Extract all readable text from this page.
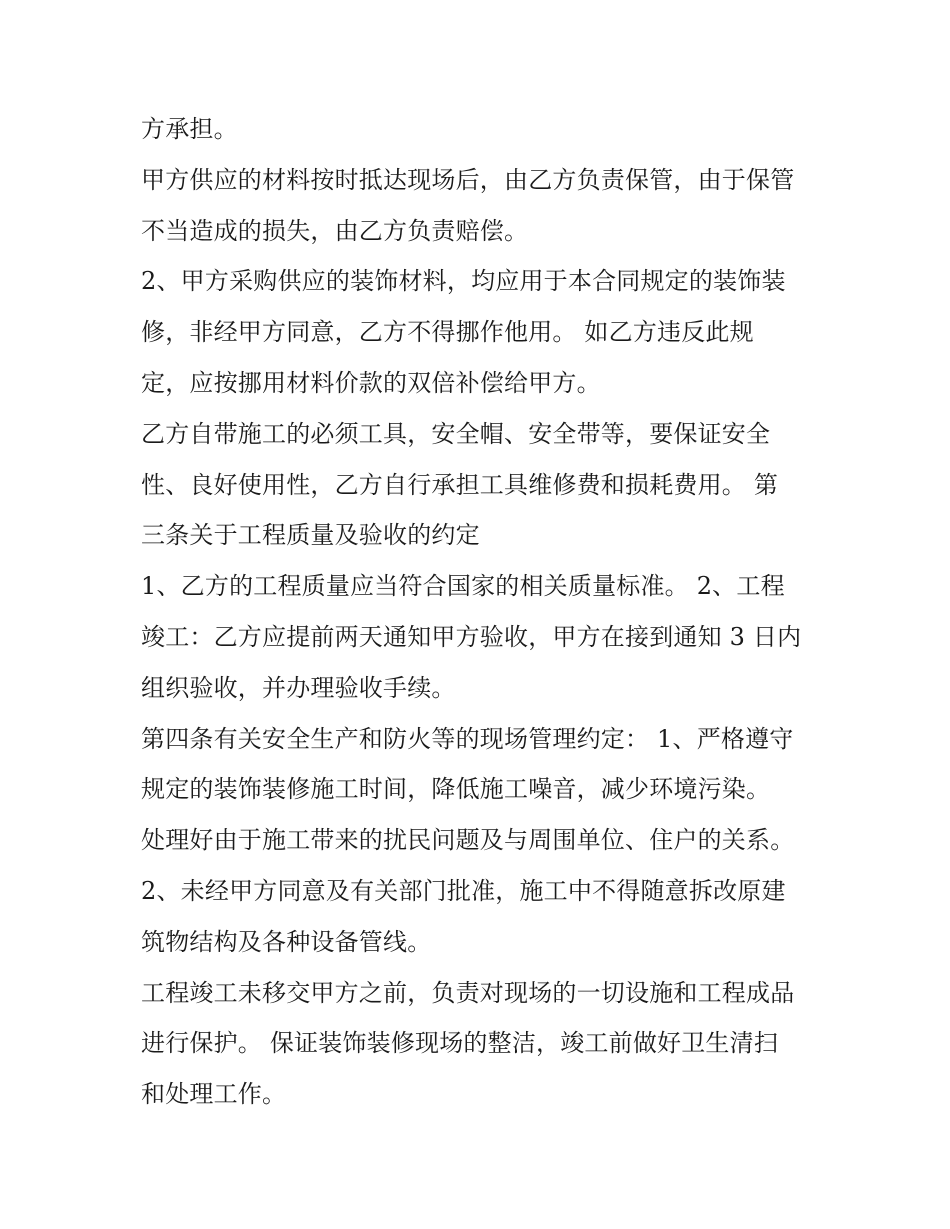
方承担。
甲方供应的材料按时抵达现场后，由乙方负责保管，由于保管
不当造成的损失，由乙方负责赔偿。
2、甲方采购供应的装饰材料，均应用于本合同规定的装饰装
修，非经甲方同意，乙方不得挪作他用。 如乙方违反此规
定，应按挪用材料价款的双倍补偿给甲方。
乙方自带施工的必须工具，安全帽、安全带等，要保证安全
性、良好使用性，乙方自行承担工具维修费和损耗费用。 第
三条关于工程质量及验收的约定
1、乙方的工程质量应当符合国家的相关质量标准。 2、工程
竣工：乙方应提前两天通知甲方验收，甲方在接到通知 3 日内
组织验收，并办理验收手续。
第四条有关安全生产和防火等的现场管理约定： 1、严格遵守
规定的装饰装修施工时间，降低施工噪音，减少环境污染。
处理好由于施工带来的扰民问题及与周围单位、住户的关系。
2、未经甲方同意及有关部门批准，施工中不得随意拆改原建
筑物结构及各种设备管线。
工程竣工未移交甲方之前，负责对现场的一切设施和工程成品
进行保护。 保证装饰装修现场的整洁，竣工前做好卫生清扫
和处理工作。
